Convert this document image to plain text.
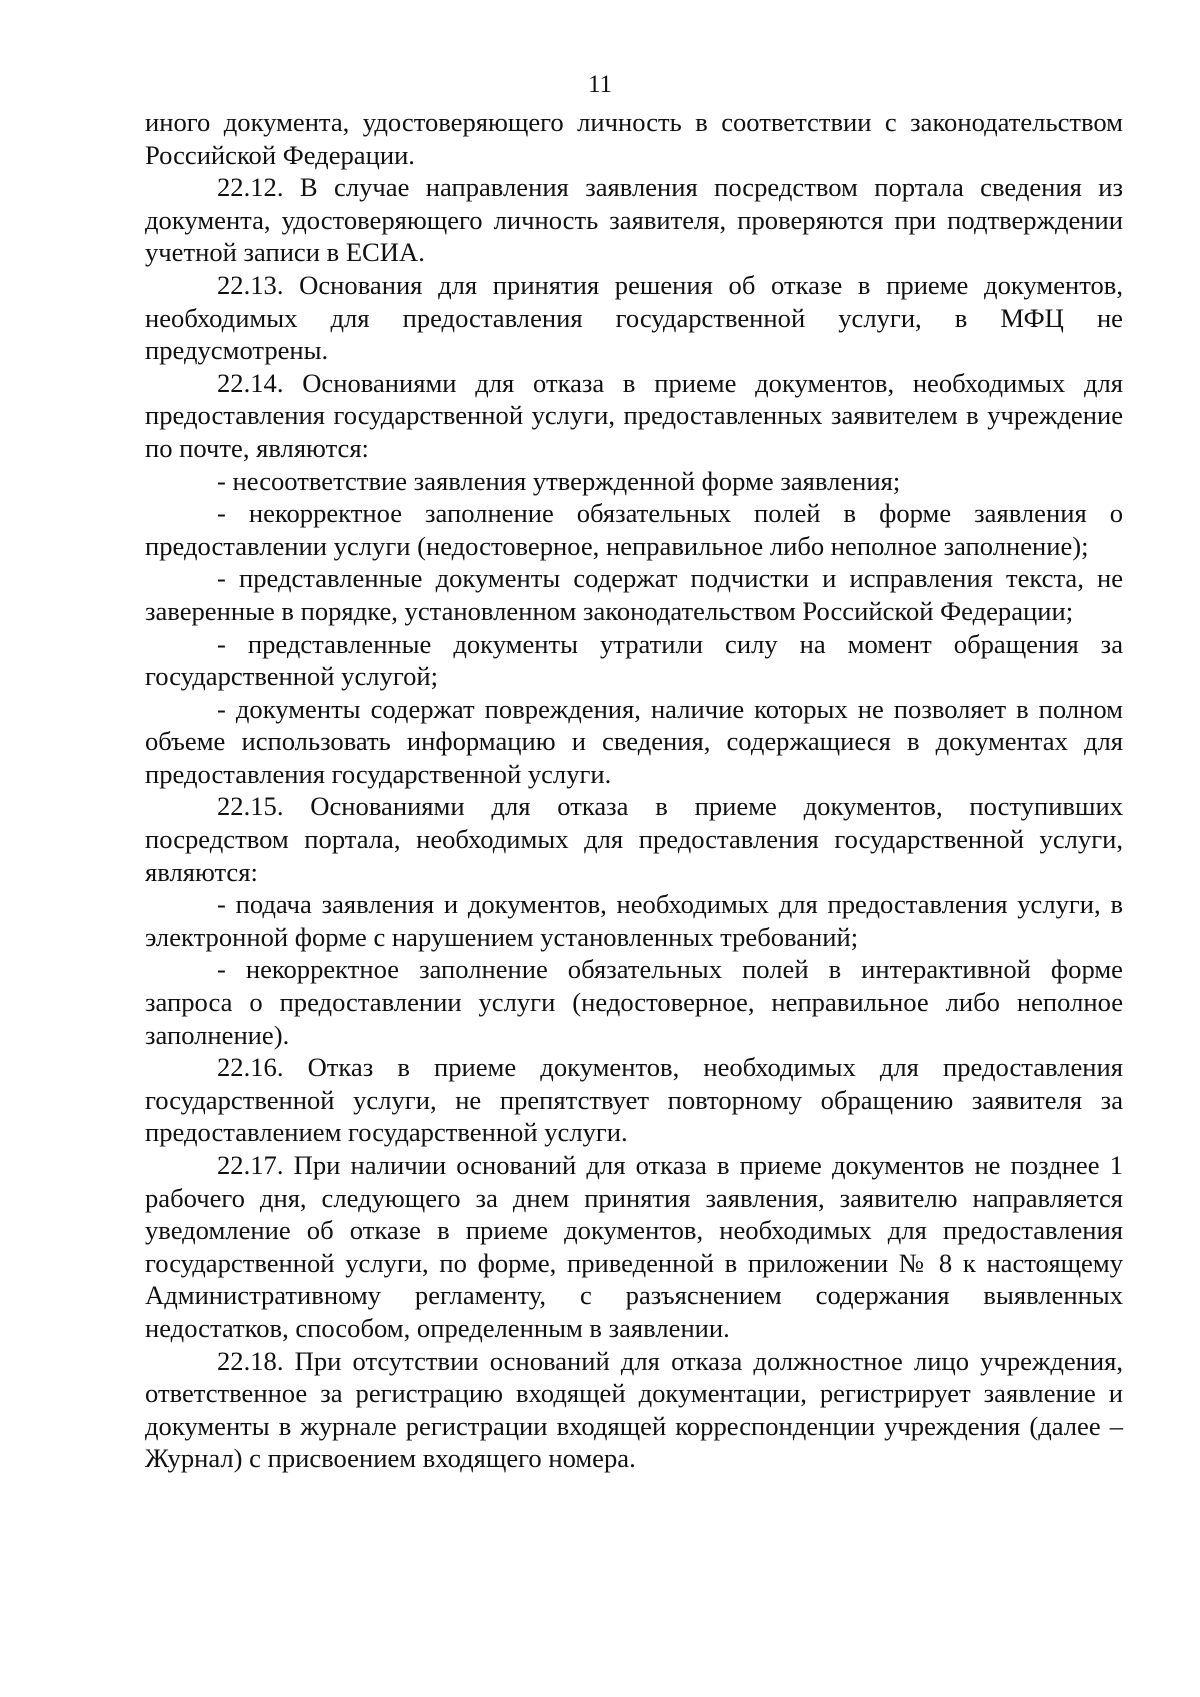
11

иного документа, удостоверяющего личность в соответствии с законодательством Российской Федерации.

22.12. В случае направления заявления посредством портала сведения из документа, удостоверяющего личность заявителя, проверяются при подтверждении учетной записи в ЕСИА.

22.13. Основания для принятия решения об отказе в приеме документов, необходимых для предоставления государственной услуги, в МФЦ не предусмотрены.

22.14. Основаниями для отказа в приеме документов, необходимых для предоставления государственной услуги, предоставленных заявителем в учреждение по почте, являются:

- несоответствие заявления утвержденной форме заявления;

- некорректное заполнение обязательных полей в форме заявления о предоставлении услуги (недостоверное, неправильное либо неполное заполнение);

- представленные документы содержат подчистки и исправления текста, не заверенные в порядке, установленном законодательством Российской Федерации;

- представленные документы утратили силу на момент обращения за государственной услугой;

- документы содержат повреждения, наличие которых не позволяет в полном объеме использовать информацию и сведения, содержащиеся в документах для предоставления государственной услуги.

22.15. Основаниями для отказа в приеме документов, поступивших посредством портала, необходимых для предоставления государственной услуги, являются:

- подача заявления и документов, необходимых для предоставления услуги, в электронной форме с нарушением установленных требований;

- некорректное заполнение обязательных полей в интерактивной форме запроса о предоставлении услуги (недостоверное, неправильное либо неполное заполнение).

22.16. Отказ в приеме документов, необходимых для предоставления государственной услуги, не препятствует повторному обращению заявителя за предоставлением государственной услуги.

22.17. При наличии оснований для отказа в приеме документов не позднее 1 рабочего дня, следующего за днем принятия заявления, заявителю направляется уведомление об отказе в приеме документов, необходимых для предоставления государственной услуги, по форме, приведенной в приложении № 8 к настоящему Административному регламенту, с разъяснением содержания выявленных недостатков, способом, определенным в заявлении.

22.18. При отсутствии оснований для отказа должностное лицо учреждения, ответственное за регистрацию входящей документации, регистрирует заявление и документы в журнале регистрации входящей корреспонденции учреждения (далее – Журнал) с присвоением входящего номера.
